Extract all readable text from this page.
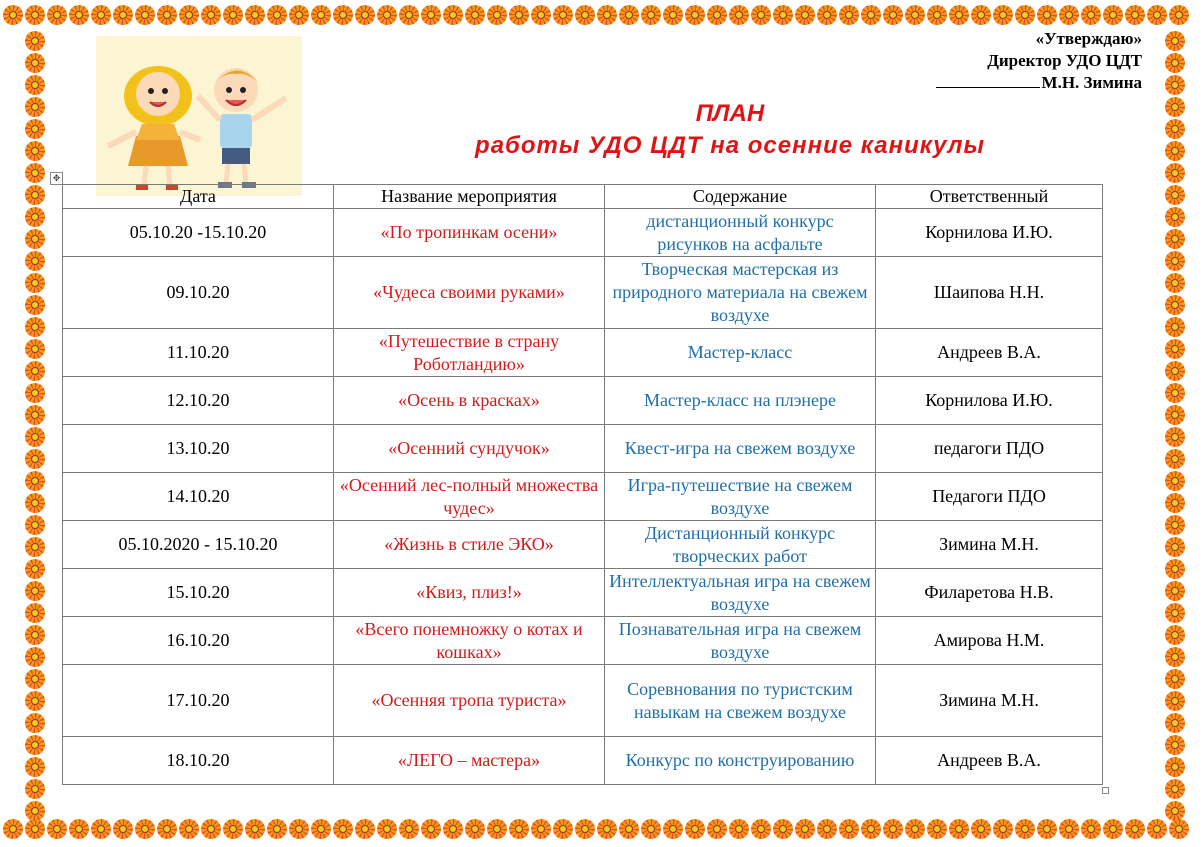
«Утверждаю»
Директор УДО ЦДТ
М.Н. Зимина
ПЛАН
работы УДО ЦДТ на осенние каникулы
✥
Дата	Название мероприятия	Содержание	Ответственный
05.10.20 -15.10.20	«По тропинкам осени»	дистанционный конкурс рисунков на асфальте	Корнилова И.Ю.
09.10.20	«Чудеса своими руками»	Творческая мастерская из природного материала на свежем воздухе	Шаипова Н.Н.
11.10.20	«Путешествие в страну Роботландию»	Мастер-класс	Андреев В.А.
12.10.20	«Осень в красках»	Мастер-класс на плэнере	Корнилова И.Ю.
13.10.20	«Осенний сундучок»	Квест-игра на свежем воздухе	педагоги ПДО
14.10.20	«Осенний лес-полный множества чудес»	Игра-путешествие на свежем воздухе	Педагоги ПДО
05.10.2020 - 15.10.20	«Жизнь в стиле ЭКО»	Дистанционный конкурс творческих работ	Зимина М.Н.
15.10.20	«Квиз, плиз!»	Интеллектуальная игра на свежем воздухе	Филаретова Н.В.
16.10.20	«Всего понемножку о котах и кошках»	Познавательная игра на свежем воздухе	Амирова Н.М.
17.10.20	«Осенняя тропа туриста»	Соревнования по туристским навыкам на свежем воздухе	Зимина М.Н.
18.10.20	«ЛЕГО – мастера»	Конкурс по конструированию	Андреев В.А.
